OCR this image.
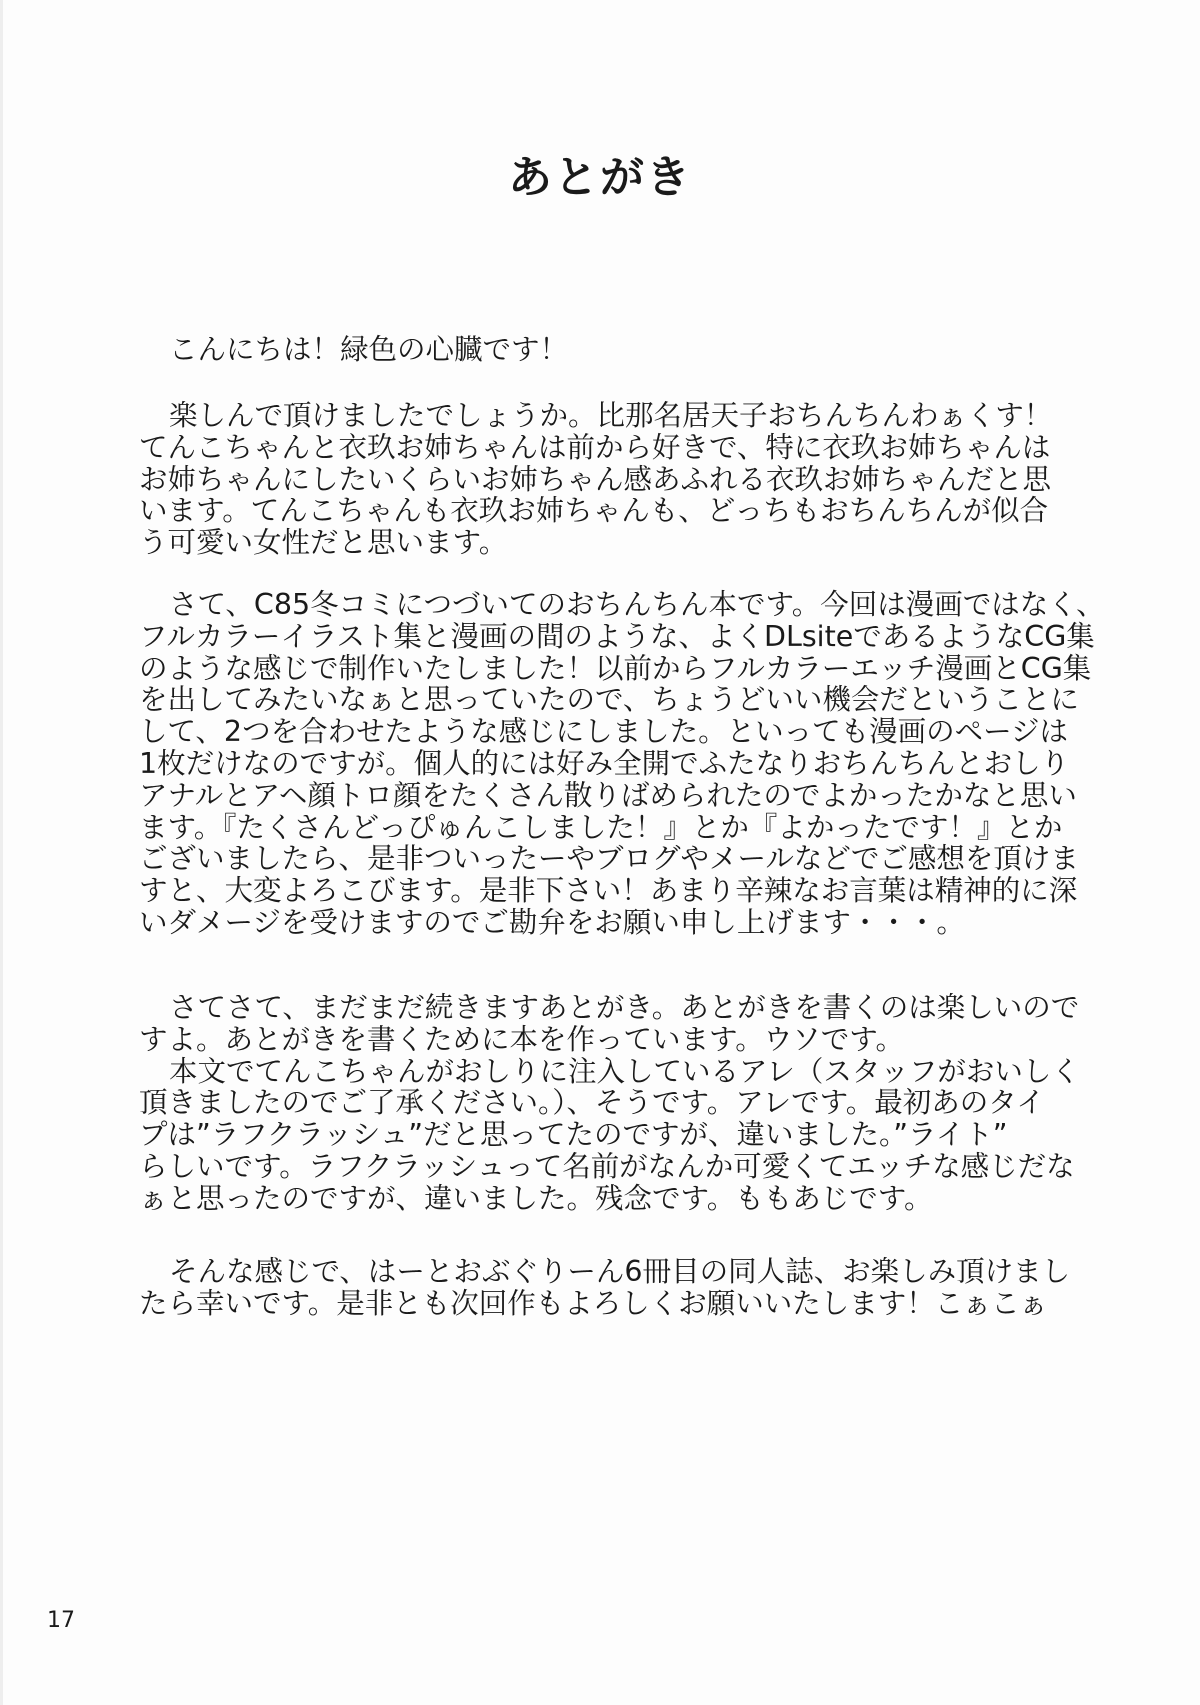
あとがき
こんにちは！緑色の心臓です！
楽しんで頂けましたでしょうか。比那名居天子おちんちんわぁくす！
てんこちゃんと衣玖お姉ちゃんは前から好きで、特に衣玖お姉ちゃんは
お姉ちゃんにしたいくらいお姉ちゃん感あふれる衣玖お姉ちゃんだと思
います。てんこちゃんも衣玖お姉ちゃんも、どっちもおちんちんが似合
う可愛い女性だと思います。
さて、C85冬コミにつづいてのおちんちん本です。今回は漫画ではなく、
フルカラーイラスト集と漫画の間のような、よくDLsiteであるようなCG集
のような感じで制作いたしました！以前からフルカラーエッチ漫画とCG集
を出してみたいなぁと思っていたので、ちょうどいい機会だということに
して、2つを合わせたような感じにしました。といっても漫画のページは
1枚だけなのですが。個人的には好み全開でふたなりおちんちんとおしり
アナルとアヘ顔トロ顔をたくさん散りばめられたのでよかったかなと思い
ます。『たくさんどっぴゅんこしました！』とか『よかったです！』とか
ございましたら、是非ついったーやブログやメールなどでご感想を頂けま
すと、大変よろこびます。是非下さい！あまり辛辣なお言葉は精神的に深
いダメージを受けますのでご勘弁をお願い申し上げます・・・。
さてさて、まだまだ続きますあとがき。あとがきを書くのは楽しいので
すよ。あとがきを書くために本を作っています。ウソです。
本文でてんこちゃんがおしりに注入しているアレ（スタッフがおいしく
頂きましたのでご了承ください。）、そうです。アレです。最初あのタイ
プは”ラフクラッシュ”だと思ってたのですが、違いました。”ライト”
らしいです。ラフクラッシュって名前がなんか可愛くてエッチな感じだな
ぁと思ったのですが、違いました。残念です。ももあじです。
そんな感じで、はーとおぶぐりーん6冊目の同人誌、お楽しみ頂けまし
たら幸いです。是非とも次回作もよろしくお願いいたします！こぁこぁ
17
